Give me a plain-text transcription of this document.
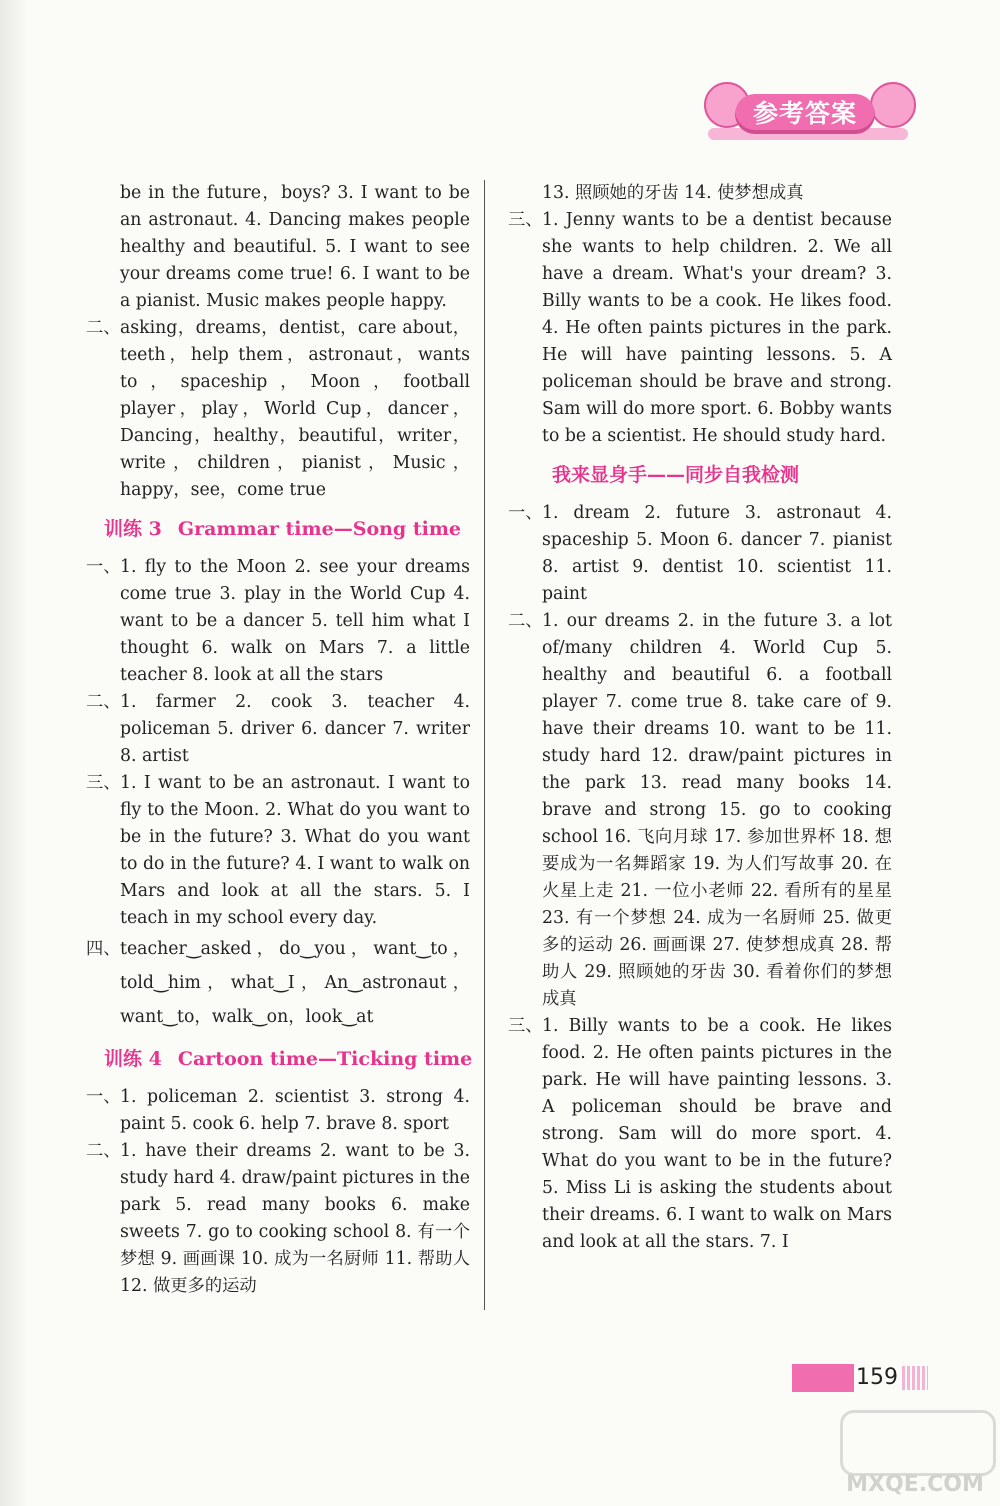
参考答案
be in the future，boys? 3. I want to be an astronaut. 4. Dancing makes people healthy and beautiful. 5. I want to see your dreams come true! 6. I want to be a pianist. Music makes people happy.
二、 asking，dreams，dentist，care about，teeth，help them，astronaut，wants to，spaceship，Moon，football player，play，World Cup，dancer，Dancing，healthy，beautiful，writer，write，children，pianist，Music，happy，see，come true
训练 3 Grammar time—Song time
一、 1. fly to the Moon 2. see your dreams come true 3. play in the World Cup 4. want to be a dancer 5. tell him what I thought 6. walk on Mars 7. a little teacher 8. look at all the stars
二、 1. farmer 2. cook 3. teacher 4. policeman 5. driver 6. dancer 7. writer 8. artist
三、 1. I want to be an astronaut. I want to fly to the Moon. 2. What do you want to be in the future? 3. What do you want to do in the future? 4. I want to walk on Mars and look at all the stars. 5. I teach in my school every day.
四、 teacher‿asked，do‿you，want‿to，told‿him，what‿I，An‿astronaut，want‿to，walk‿on，look‿at
训练 4 Cartoon time—Ticking time
一、 1. policeman 2. scientist 3. strong 4. paint 5. cook 6. help 7. brave 8. sport
二、 1. have their dreams 2. want to be 3. study hard 4. draw/paint pictures in the park 5. read many books 6. make sweets 7. go to cooking school 8. 有一个梦想 9. 画画课 10. 成为一名厨师 11. 帮助人 12. 做更多的运动
13. 照顾她的牙齿 14. 使梦想成真
三、 1. Jenny wants to be a dentist because she wants to help children. 2. We all have a dream. What's your dream? 3. Billy wants to be a cook. He likes food. 4. He often paints pictures in the park. He will have painting lessons. 5. A policeman should be brave and strong. Sam will do more sport. 6. Bobby wants to be a scientist. He should study hard.
我来显身手——同步自我检测
一、 1. dream 2. future 3. astronaut 4. spaceship 5. Moon 6. dancer 7. pianist 8. artist 9. dentist 10. scientist 11. paint
二、 1. our dreams 2. in the future 3. a lot of/many children 4. World Cup 5. healthy and beautiful 6. a football player 7. come true 8. take care of 9. have their dreams 10. want to be 11. study hard 12. draw/paint pictures in the park 13. read many books 14. brave and strong 15. go to cooking school 16. 飞向月球 17. 参加世界杯 18. 想要成为一名舞蹈家 19. 为人们写故事 20. 在火星上走 21. 一位小老师 22. 看所有的星星 23. 有一个梦想 24. 成为一名厨师 25. 做更多的运动 26. 画画课 27. 使梦想成真 28. 帮助人 29. 照顾她的牙齿 30. 看着你们的梦想成真
三、 1. Billy wants to be a cook. He likes food. 2. He often paints pictures in the park. He will have painting lessons. 3. A policeman should be brave and strong. Sam will do more sport. 4. What do you want to be in the future? 5. Miss Li is asking the students about their dreams. 6. I want to walk on Mars and look at all the stars. 7. I
159
MXQE.COM
